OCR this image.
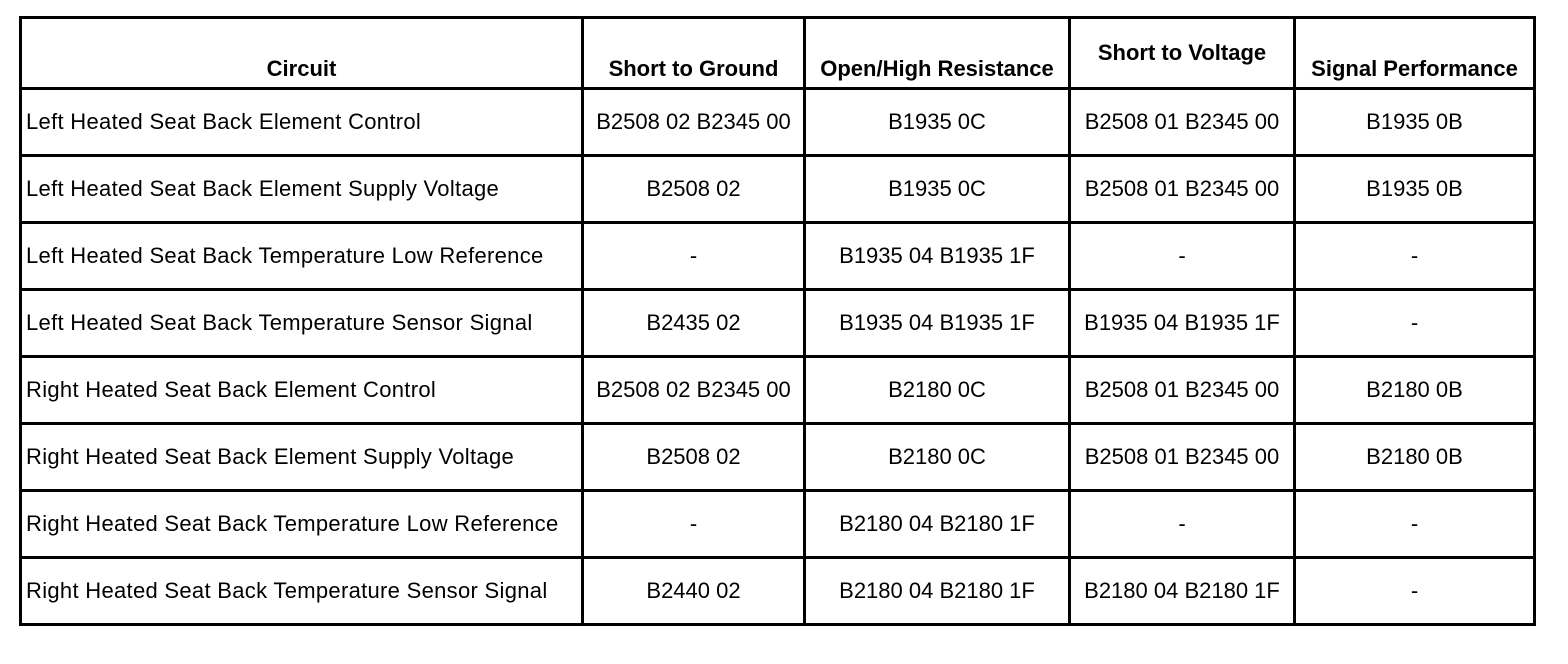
Circuit	Short to Ground	Open/High Resistance	Short to Voltage	Signal Performance
Left Heated Seat Back Element Control	B2508 02 B2345 00	B1935 0C	B2508 01 B2345 00	B1935 0B
Left Heated Seat Back Element Supply Voltage	B2508 02	B1935 0C	B2508 01 B2345 00	B1935 0B
Left Heated Seat Back Temperature Low Reference	-	B1935 04 B1935 1F	-	-
Left Heated Seat Back Temperature Sensor Signal	B2435 02	B1935 04 B1935 1F	B1935 04 B1935 1F	-
Right Heated Seat Back Element Control	B2508 02 B2345 00	B2180 0C	B2508 01 B2345 00	B2180 0B
Right Heated Seat Back Element Supply Voltage	B2508 02	B2180 0C	B2508 01 B2345 00	B2180 0B
Right Heated Seat Back Temperature Low Reference	-	B2180 04 B2180 1F	-	-
Right Heated Seat Back Temperature Sensor Signal	B2440 02	B2180 04 B2180 1F	B2180 04 B2180 1F	-
